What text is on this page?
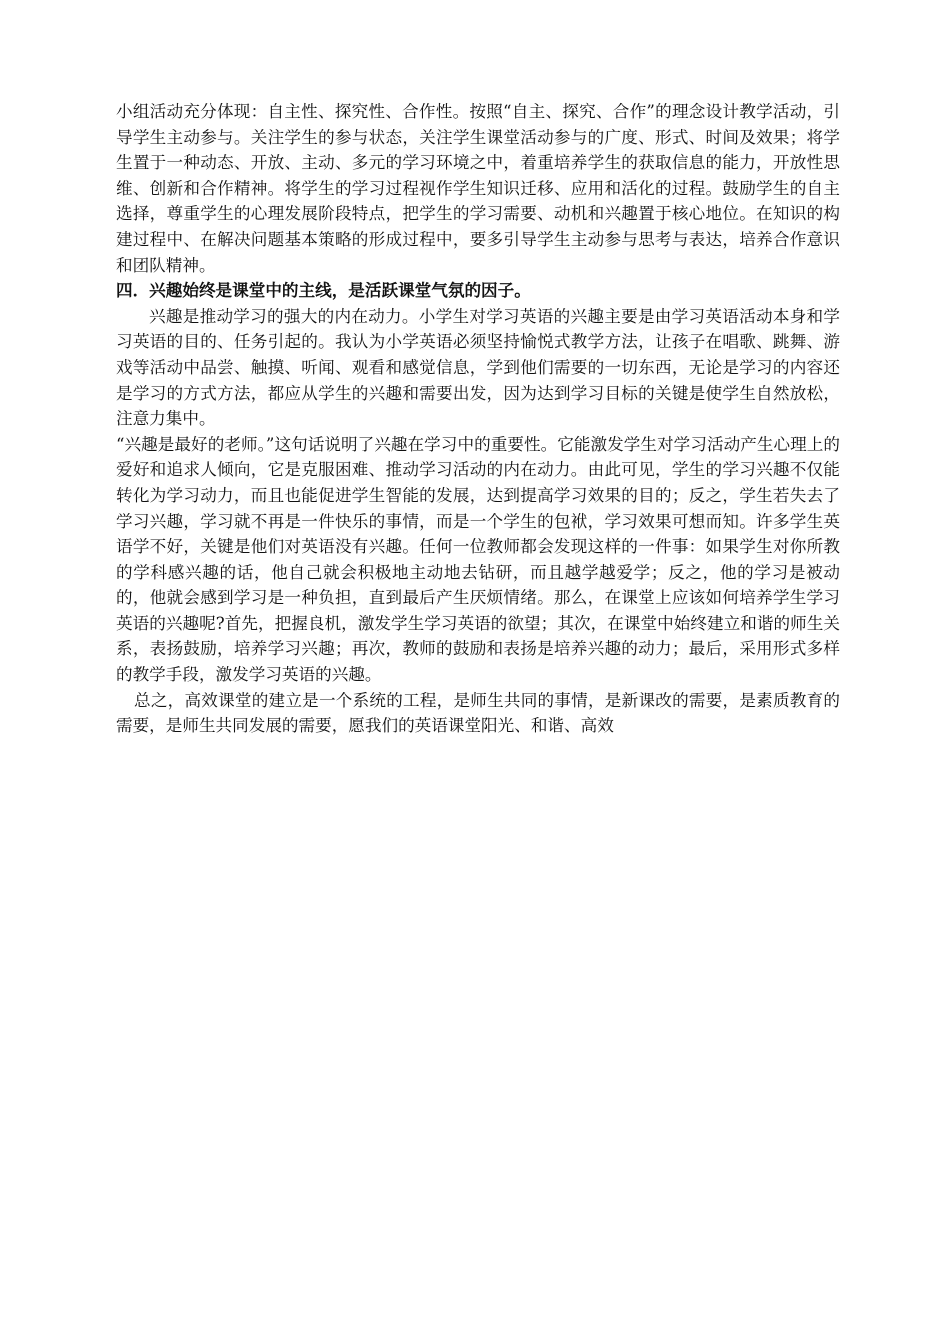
小组活动充分体现：自主性、探究性、合作性。按照“自主、探究、合作”的理念设计教学活动，引导学生主动参与。关注学生的参与状态，关注学生课堂活动参与的广度、形式、时间及效果；将学生置于一种动态、开放、主动、多元的学习环境之中，着重培养学生的获取信息的能力，开放性思维、创新和合作精神。将学生的学习过程视作学生知识迁移、应用和活化的过程。鼓励学生的自主选择，尊重学生的心理发展阶段特点，把学生的学习需要、动机和兴趣置于核心地位。在知识的构建过程中、在解决问题基本策略的形成过程中，要多引导学生主动参与思考与表达，培养合作意识和团队精神。

四．兴趣始终是课堂中的主线，是活跃课堂气氛的因子。

兴趣是推动学习的强大的内在动力。小学生对学习英语的兴趣主要是由学习英语活动本身和学习英语的目的、任务引起的。我认为小学英语必须坚持愉悦式教学方法，让孩子在唱歌、跳舞、游戏等活动中品尝、触摸、听闻、观看和感觉信息，学到他们需要的一切东西，无论是学习的内容还是学习的方式方法，都应从学生的兴趣和需要出发，因为达到学习目标的关键是使学生自然放松，注意力集中。

“兴趣是最好的老师。”这句话说明了兴趣在学习中的重要性。它能激发学生对学习活动产生心理上的爱好和追求人倾向，它是克服困难、推动学习活动的内在动力。由此可见，学生的学习兴趣不仅能转化为学习动力，而且也能促进学生智能的发展，达到提高学习效果的目的；反之，学生若失去了学习兴趣，学习就不再是一件快乐的事情，而是一个学生的包袱，学习效果可想而知。许多学生英语学不好，关键是他们对英语没有兴趣。任何一位教师都会发现这样的一件事：如果学生对你所教的学科感兴趣的话，他自己就会积极地主动地去钻研，而且越学越爱学；反之，他的学习是被动的，他就会感到学习是一种负担，直到最后产生厌烦情绪。那么，在课堂上应该如何培养学生学习英语的兴趣呢?首先，把握良机，激发学生学习英语的欲望；其次，在课堂中始终建立和谐的师生关系，表扬鼓励，培养学习兴趣；再次，教师的鼓励和表扬是培养兴趣的动力；最后，采用形式多样的教学手段，激发学习英语的兴趣。

总之，高效课堂的建立是一个系统的工程，是师生共同的事情，是新课改的需要，是素质教育的需要，是师生共同发展的需要，愿我们的英语课堂阳光、和谐、高效
